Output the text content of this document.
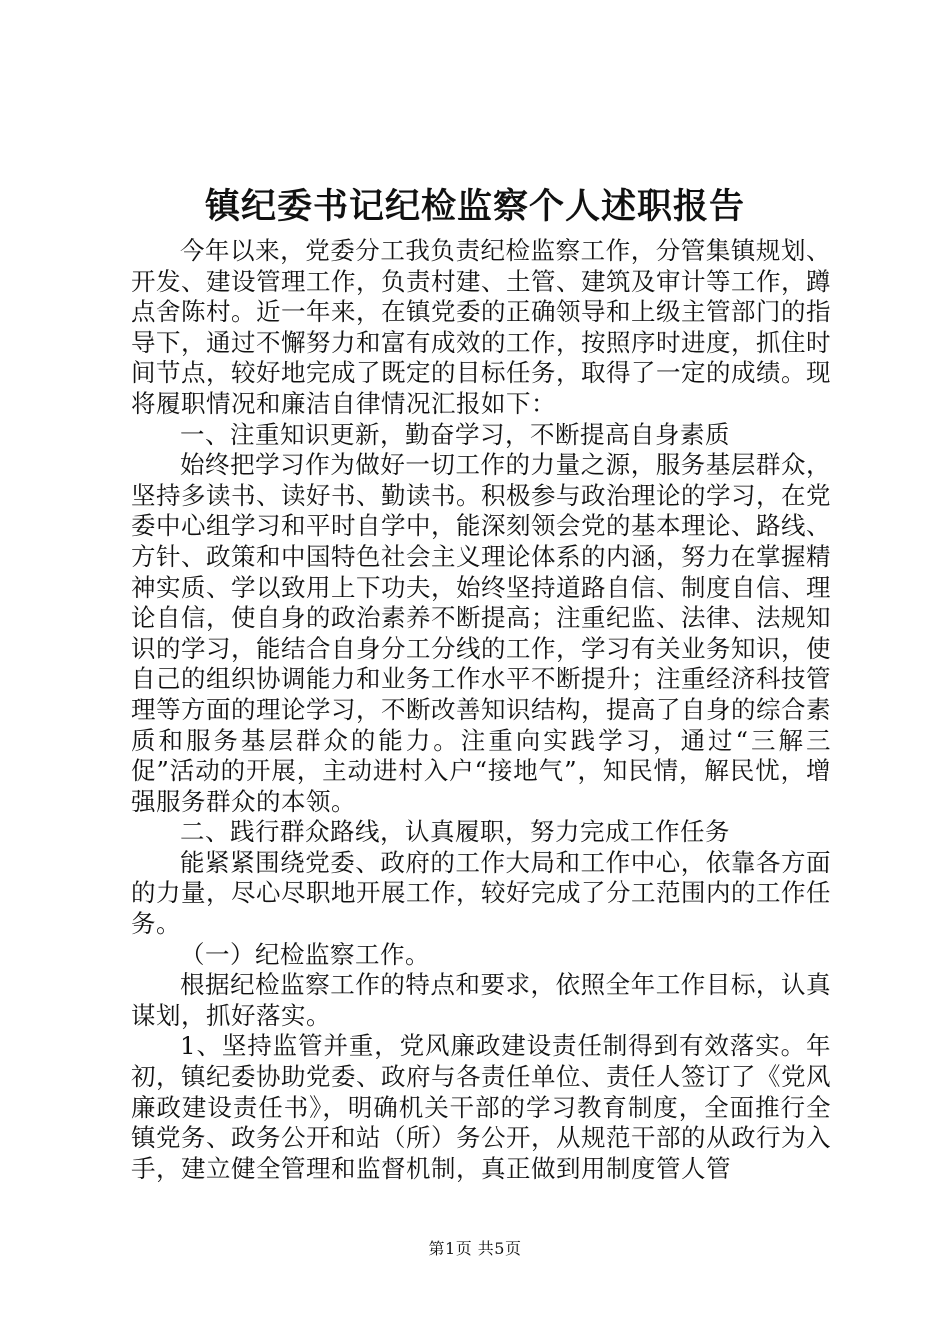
镇纪委书记纪检监察个人述职报告

今年以来，党委分工我负责纪检监察工作，分管集镇规划、开发、建设管理工作，负责村建、土管、建筑及审计等工作，蹲点舍陈村。近一年来，在镇党委的正确领导和上级主管部门的指导下，通过不懈努力和富有成效的工作，按照序时进度，抓住时间节点，较好地完成了既定的目标任务，取得了一定的成绩。现将履职情况和廉洁自律情况汇报如下：

一、注重知识更新，勤奋学习，不断提高自身素质

始终把学习作为做好一切工作的力量之源，服务基层群众，坚持多读书、读好书、勤读书。积极参与政治理论的学习，在党委中心组学习和平时自学中，能深刻领会党的基本理论、路线、方针、政策和中国特色社会主义理论体系的内涵，努力在掌握精神实质、学以致用上下功夫，始终坚持道路自信、制度自信、理论自信，使自身的政治素养不断提高；注重纪监、法律、法规知识的学习，能结合自身分工分线的工作，学习有关业务知识，使自己的组织协调能力和业务工作水平不断提升；注重经济科技管理等方面的理论学习，不断改善知识结构，提高了自身的综合素质和服务基层群众的能力。注重向实践学习，通过“三解三促”活动的开展，主动进村入户“接地气”，知民情，解民忧，增强服务群众的本领。

二、践行群众路线，认真履职，努力完成工作任务

能紧紧围绕党委、政府的工作大局和工作中心，依靠各方面的力量，尽心尽职地开展工作，较好完成了分工范围内的工作任务。

（一）纪检监察工作。

根据纪检监察工作的特点和要求，依照全年工作目标，认真谋划，抓好落实。

1、坚持监管并重，党风廉政建设责任制得到有效落实。年初，镇纪委协助党委、政府与各责任单位、责任人签订了《党风廉政建设责任书》，明确机关干部的学习教育制度，全面推行全镇党务、政务公开和站（所）务公开，从规范干部的从政行为入手，建立健全管理和监督机制，真正做到用制度管人管

第1页 共5页
